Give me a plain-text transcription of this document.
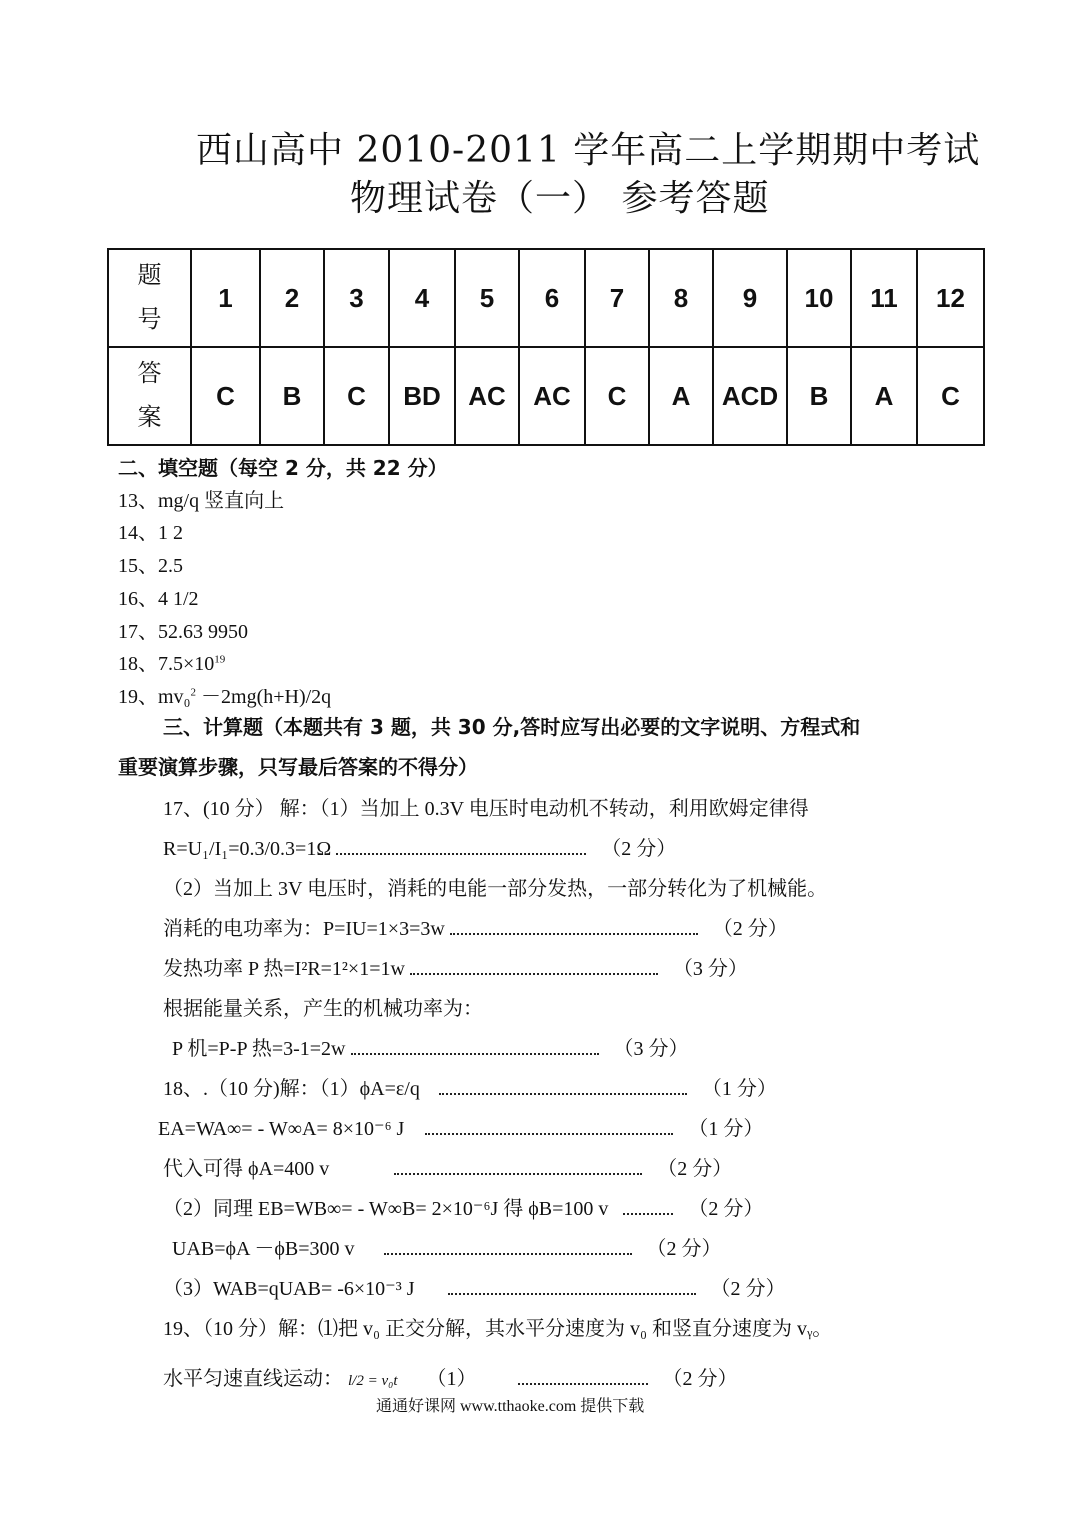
西山高中 2010-2011 学年高二上学期期中考试
物理试卷（一） 参考答题
题
号	1	2	3	4	5	6	7	8	9	10	11	12

答
案	C	B	C	BD	AC	AC	C	A	ACD	B	A	C
二、填空题（每空 2 分，共 22 分）
13、mg/q 竖直向上
14、1 2
15、2.5
16、4 1/2
17、52.63 9950
18、$7.5\times 10^{19}$
19、mv₀$^2$ －2mg(h+H)/2q
三、计算题（本题共有 3 题，共 30 分,答时应写出必要的文字说明、方程式和
重要演算步骤，只写最后答案的不得分）
17、(10 分） 解：（1）当加上 0.3V 电压时电动机不转动，利用欧姆定律得
R=U₁/I₁=0.3/0.3=1Ω	（2 分）
（2）当加上 3V 电压时，消耗的电能一部分发热，一部分转化为了机械能。
消耗的电功率为：P=IU=1×3=3w	（2 分）
发热功率 P 热=I²R=1²×1=1w	（3 分）
根据能量关系，产生的机械功率为：
P 机=P-P 热=3-1=2w	（3 分）
18、.（10 分)解：（1）ϕA=ε/q	（1 分）
EA=WA∞= - W∞A= 8×10⁻⁶ J	（1 分）
代入可得 ϕA=400 v	（2 分）
（2）同理 EB=WB∞= - W∞B= 2×10⁻⁶J 得 ϕB=100 v	（2 分）
UAB=ϕA －ϕB=300 v	（2 分）
（3）WAB=qUAB= -6×10⁻³ J	（2 分）
19、（10 分）解：⑴把 v₀ 正交分解，其水平分速度为 v₀ 和竖直分速度为 vᵧ。
水平匀速直线运动： l/2 = v₀t （1）	（2 分）
通通好课网 www.tthaoke.com 提供下载
